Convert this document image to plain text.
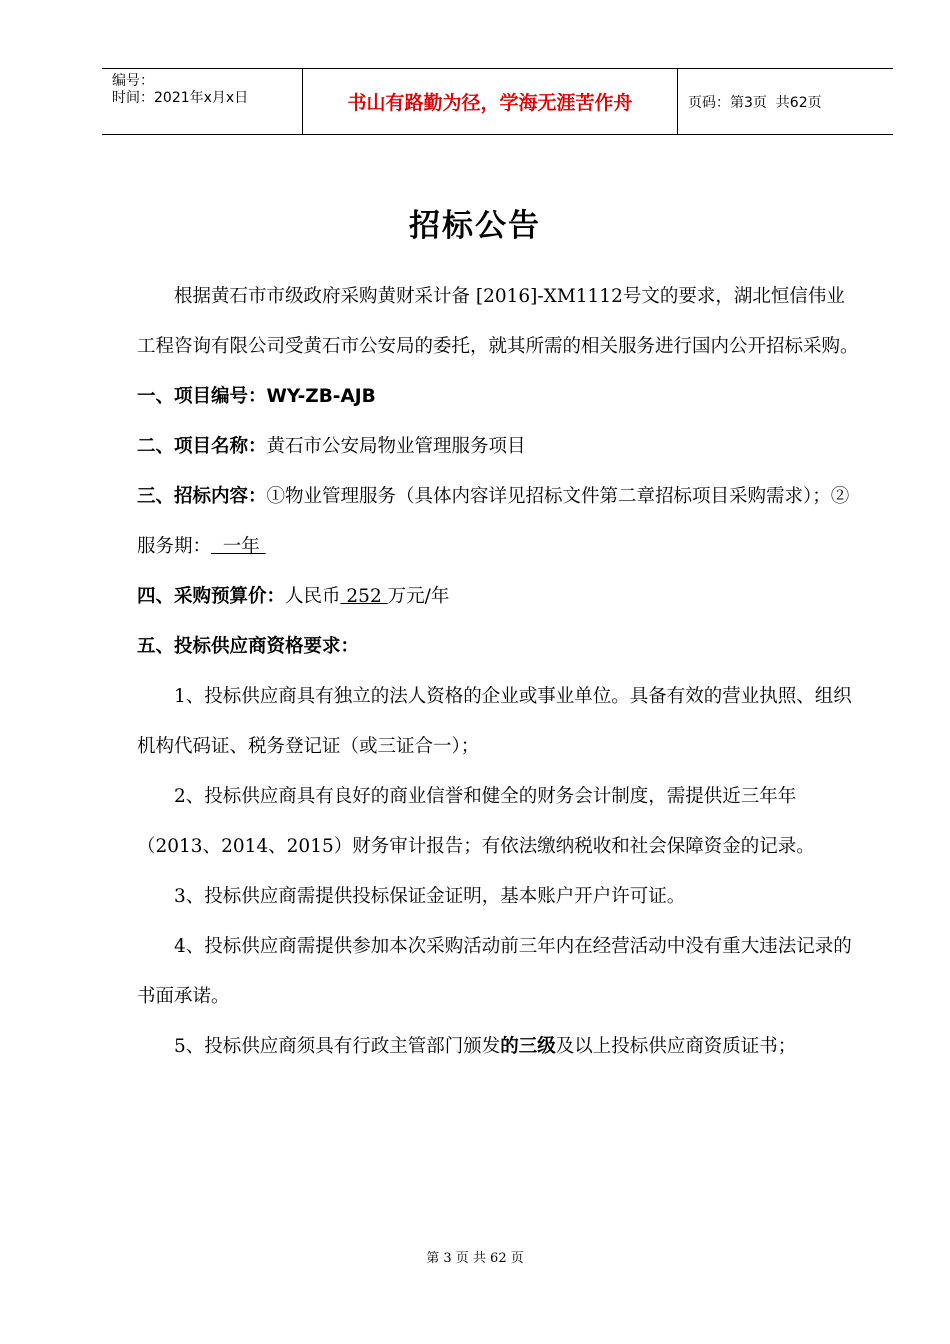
编号：
时间：2021年x月x日	书山有路勤为径，学海无涯苦作舟	页码：第3页  共62页
招标公告

根据黄石市市级政府采购黄财采计备 [2016]-XM1112号文的要求，湖北恒信伟业工程咨询有限公司受黄石市公安局的委托，就其所需的相关服务进行国内公开招标采购。

一、项目编号：WY-ZB-AJB

二、项目名称：黄石市公安局物业管理服务项目

三、招标内容：①物业管理服务（具体内容详见招标文件第二章招标项目采购需求）；②服务期：  一年

四、采购预算价：人民币 252 万元/年

五、投标供应商资格要求：

1、投标供应商具有独立的法人资格的企业或事业单位。具备有效的营业执照、组织机构代码证、税务登记证（或三证合一）；

2、投标供应商具有良好的商业信誉和健全的财务会计制度，需提供近三年年（2013、2014、2015）财务审计报告；有依法缴纳税收和社会保障资金的记录。

3、投标供应商需提供投标保证金证明，基本账户开户许可证。

4、投标供应商需提供参加本次采购活动前三年内在经营活动中没有重大违法记录的书面承诺。

5、投标供应商须具有行政主管部门颁发的三级及以上投标供应商资质证书；

第 3 页 共 62 页
